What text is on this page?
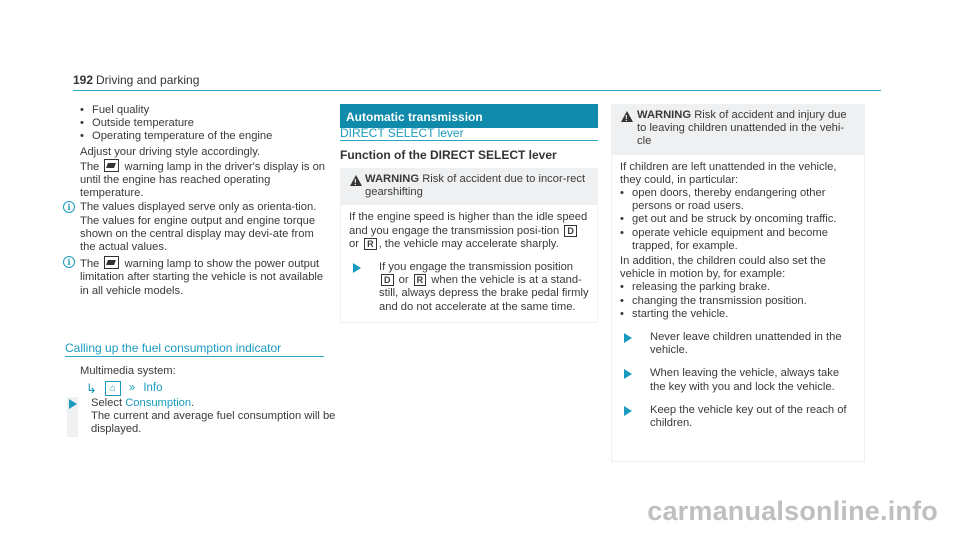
192 Driving and parking
• Fuel quality
• Outside temperature
• Operating temperature of the engine
Adjust your driving style accordingly.
The warning lamp in the driver's display is on until the engine has reached operating temperature.
i The values displayed serve only as orienta-tion. The values for engine output and engine torque shown on the central display may devi-ate from the actual values.
i The warning lamp to show the power output limitation after starting the vehicle is not available in all vehicle models.
Calling up the fuel consumption indicator
Multimedia system:
↳	⌂	» Info
Select Consumption.
The current and average fuel consumption will be displayed.
Automatic transmission
DIRECT SELECT lever
Function of the DIRECT SELECT lever
!
WARNING Risk of accident due to incor-rect gearshifting
If the engine speed is higher than the idle speed and you engage the transmission posi-tion D or R , the vehicle may accelerate sharply.
If you engage the transmission position D or R when the vehicle is at a stand-still, always depress the brake pedal firmly and do not accelerate at the same time.
!
WARNING Risk of accident and injury due to leaving children unattended in the vehi-cle
If children are left unattended in the vehicle, they could, in particular:
• open doors, thereby endangering other persons or road users.
• get out and be struck by oncoming traffic.
• operate vehicle equipment and become trapped, for example.
In addition, the children could also set the vehicle in motion by, for example:
• releasing the parking brake.
• changing the transmission position.
• starting the vehicle.
Never leave children unattended in the vehicle.
When leaving the vehicle, always take the key with you and lock the vehicle.
Keep the vehicle key out of the reach of children.
carmanualsonline.info
